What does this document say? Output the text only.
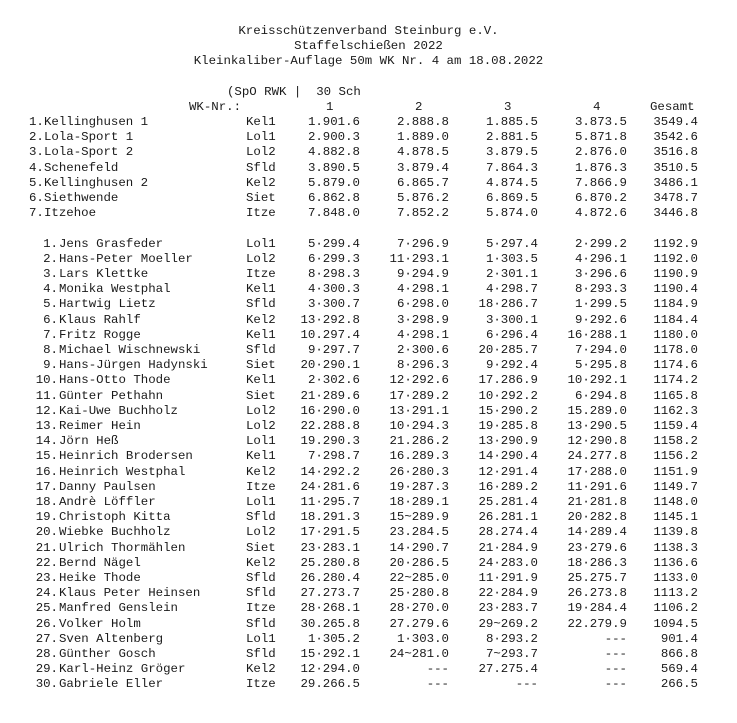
Kreisschützenverband Steinburg e.V.
Staffelschießen 2022
Kleinkaliber-Auflage 50m WK Nr. 4 am 18.08.2022
(SpO RWK |  30 Sch
WK-Nr.:	1	2	3	4	Gesamt
1. Kellinghusen 1	Kel1	1.901.6	2.888.8	1.885.5	3.873.5	3549.4
2. Lola-Sport 1	Lol1	2.900.3	1.889.0	2.881.5	5.871.8	3542.6
3. Lola-Sport 2	Lol2	4.882.8	4.878.5	3.879.5	2.876.0	3516.8
4. Schenefeld	Sfld	3.890.5	3.879.4	7.864.3	1.876.3	3510.5
5. Kellinghusen 2	Kel2	5.879.0	6.865.7	4.874.5	7.866.9	3486.1
6. Siethwende	Siet	6.862.8	5.876.2	6.869.5	6.870.2	3478.7
7. Itzehoe	Itze	7.848.0	7.852.2	5.874.0	4.872.6	3446.8
1. Jens Grasfeder	Lol1	5·299.4	7·296.9	5·297.4	2·299.2	1192.9
2. Hans-Peter Moeller	Lol2	6·299.3	11·293.1	1·303.5	4·296.1	1192.0
3. Lars Klettke	Itze	8·298.3	9·294.9	2·301.1	3·296.6	1190.9
4. Monika Westphal	Kel1	4·300.3	4·298.1	4·298.7	8·293.3	1190.4
5. Hartwig Lietz	Sfld	3·300.7	6·298.0	18·286.7	1·299.5	1184.9
6. Klaus Rahlf	Kel2	13·292.8	3·298.9	3·300.1	9·292.6	1184.4
7. Fritz Rogge	Kel1	10.297.4	4·298.1	6·296.4	16·288.1	1180.0
8. Michael Wischnewski	Sfld	9·297.7	2·300.6	20·285.7	7·294.0	1178.0
9. Hans-Jürgen Hadynski	Siet	20·290.1	8·296.3	9·292.4	5·295.8	1174.6
10. Hans-Otto Thode	Kel1	2·302.6	12·292.6	17.286.9	10·292.1	1174.2
11. Günter Pethahn	Siet	21·289.6	17·289.2	10·292.2	6·294.8	1165.8
12. Kai-Uwe Buchholz	Lol2	16·290.0	13·291.1	15·290.2	15.289.0	1162.3
13. Reimer Hein	Lol2	22.288.8	10·294.3	19·285.8	13·290.5	1159.4
14. Jörn Heß	Lol1	19.290.3	21.286.2	13·290.9	12·290.8	1158.2
15. Heinrich Brodersen	Kel1	7·298.7	16.289.3	14·290.4	24.277.8	1156.2
16. Heinrich Westphal	Kel2	14·292.2	26·280.3	12·291.4	17·288.0	1151.9
17. Danny Paulsen	Itze	24·281.6	19·287.3	16·289.2	11·291.6	1149.7
18. Andrè Löffler	Lol1	11·295.7	18·289.1	25.281.4	21·281.8	1148.0
19. Christoph Kitta	Sfld	18.291.3	15~289.9	26.281.1	20·282.8	1145.1
20. Wiebke Buchholz	Lol2	17·291.5	23.284.5	28.274.4	14·289.4	1139.8
21. Ulrich Thormählen	Siet	23·283.1	14·290.7	21·284.9	23·279.6	1138.3
22. Bernd Nägel	Kel2	25.280.8	20·286.5	24·283.0	18·286.3	1136.6
23. Heike Thode	Sfld	26.280.4	22~285.0	11·291.9	25.275.7	1133.0
24. Klaus Peter Heinsen	Sfld	27.273.7	25·280.8	22·284.9	26.273.8	1113.2
25. Manfred Genslein	Itze	28·268.1	28·270.0	23·283.7	19·284.4	1106.2
26. Volker Holm	Sfld	30.265.8	27.279.6	29~269.2	22.279.9	1094.5
27. Sven Altenberg	Lol1	1·305.2	1·303.0	8·293.2	---	901.4
28. Günther Gosch	Sfld	15·292.1	24~281.0	7~293.7	---	866.8
29. Karl-Heinz Gröger	Kel2	12·294.0	---	27.275.4	---	569.4
30. Gabriele Eller	Itze	29.266.5	---	---	---	266.5
